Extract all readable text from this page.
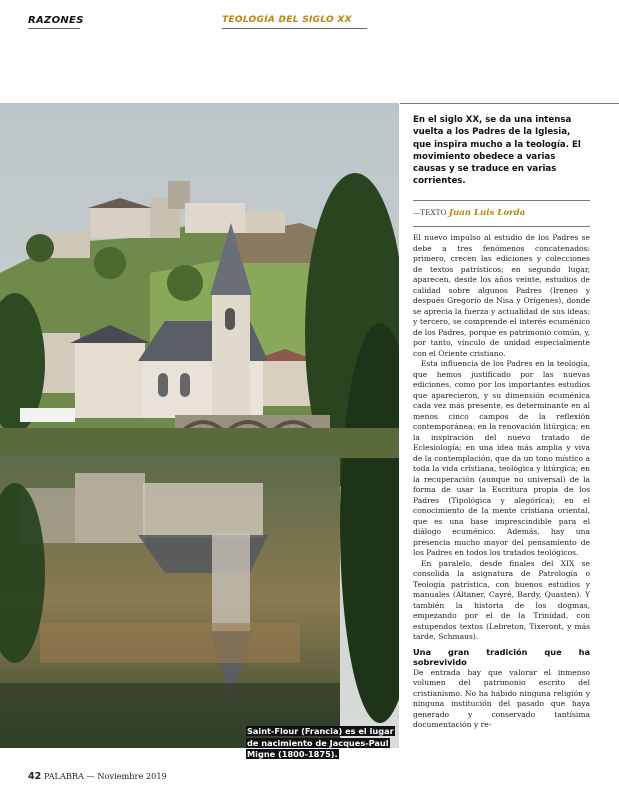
RAZONES	TEOLOGÍA DEL SIGLO XX
Saint-Flour (Francia) es el lugar de nacimiento de Jacques-Paul Migne (1800-1875).
En el siglo XX, se da una intensa vuelta a los Padres de la Iglesia, que inspira mucho a la teología. El movimiento obedece a varias causas y se traduce en varias corrientes.
—TEXTO Juan Luis Lorda

El nuevo impulso al estudio de los Padres se debe a tres fenómenos concatenados: primero, crecen las ediciones y colecciones de textos patrísticos; en segundo lugar, aparecen, desde los años veinte, estudios de calidad sobre algunos Padres (Ireneo y después Gregorio de Nisa y Orígenes), donde se aprecia la fuerza y actualidad de sus ideas; y tercero, se comprende el interés ecuménico de los Padres, porque es patrimonio común, y, por tanto, vínculo de unidad especialmente con el Oriente cristiano.

Esta influencia de los Padres en la teología, que hemos justificado por las nuevas ediciones, como por los importantes estudios que aparecieron, y su dimensión ecuménica cada vez más presente, es determinante en al menos cinco campos de la reflexión contemporánea: en la renovación litúrgica; en la inspiración del nuevo tratado de Eclesiología; en una idea más amplia y viva de la contemplación, que da un tono místico a toda la vida cristiana, teológica y litúrgica; en la recuperación (aunque no universal) de la forma de usar la Escritura propia de los Padres (Tipológica y alegórica); en el conocimiento de la mente cristiana oriental, que es una base imprescindible para el diálogo ecuménico. Además, hay una presencia mucho mayor del pensamiento de los Padres en todos los tratados teológicos.

En paralelo, desde finales del XIX se consolida la asignatura de Patrología o Teología patrística, con buenos estudios y manuales (Altaner, Cayré, Bardy, Quasten). Y también la historia de los dogmas, empezando por el de la Trinidad, con estupendos textos (Lebreton, Tixeront, y más tarde, Schmaus).

Una gran tradición que ha sobrevivido

De entrada hay que valorar el inmenso volumen del patrimonio escrito del cristianismo. No ha habido ninguna religión y ninguna institución del pasado que haya generado y conservado tantísima documentación y re-

42 PALABRA — Noviembre 2019
